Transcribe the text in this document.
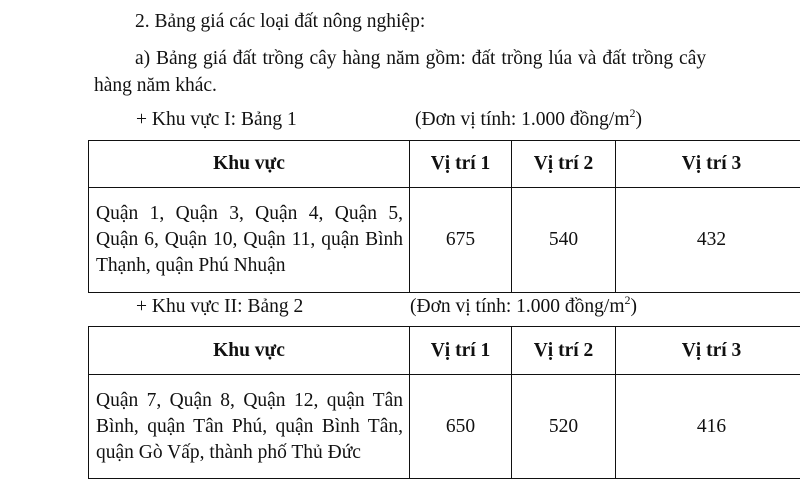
2. Bảng giá các loại đất nông nghiệp:
a) Bảng giá đất trồng cây hàng năm gồm: đất trồng lúa và đất trồng cây
hàng năm khác.
+ Khu vực I: Bảng 1	(Đơn vị tính: 1.000 đồng/$m^2$)
Khu vực	Vị trí 1	Vị trí 2	Vị trí 3
Quận 1, Quận 3, Quận 4, Quận 5, Quận 6, Quận 10, Quận 11, quận Bình Thạnh, quận Phú Nhuận	675	540	432
+ Khu vực II: Bảng 2	(Đơn vị tính: 1.000 đồng/$m^2$)
Khu vực	Vị trí 1	Vị trí 2	Vị trí 3
Quận 7, Quận 8, Quận 12, quận Tân Bình, quận Tân Phú, quận Bình Tân, quận Gò Vấp, thành phố Thủ Đức	650	520	416
